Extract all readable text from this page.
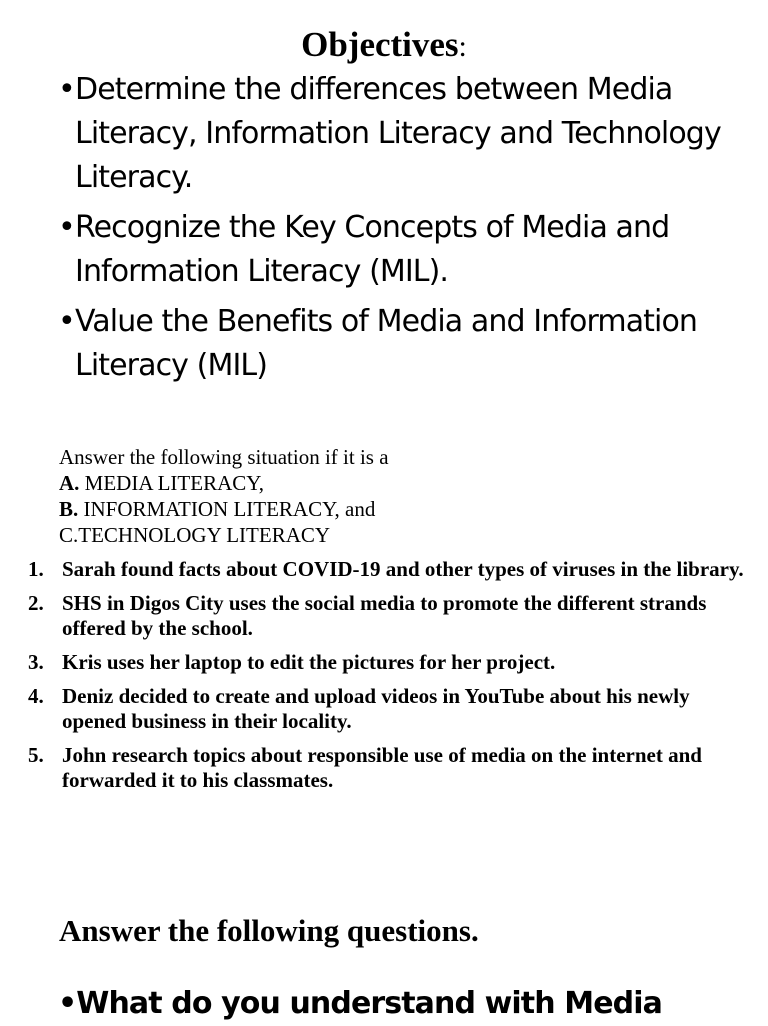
Objectives:
• Determine the differences between Media Literacy, Information Literacy and Technology Literacy.
• Recognize the Key Concepts of Media and Information Literacy (MIL).
• Value the Benefits of Media and Information Literacy (MIL)
Answer the following situation if it is a
A. MEDIA LITERACY,
B. INFORMATION LITERACY, and
C.TECHNOLOGY LITERACY
1. Sarah found facts about COVID-19 and other types of viruses in the library.
2. SHS in Digos City uses the social media to promote the different strands offered by the school.
3. Kris uses her laptop to edit the pictures for her project.
4. Deniz decided to create and upload videos in YouTube about his newly opened business in their locality.
5. John research topics about responsible use of media on the internet and forwarded it to his classmates.
Answer the following questions.
•What do you understand with Media
